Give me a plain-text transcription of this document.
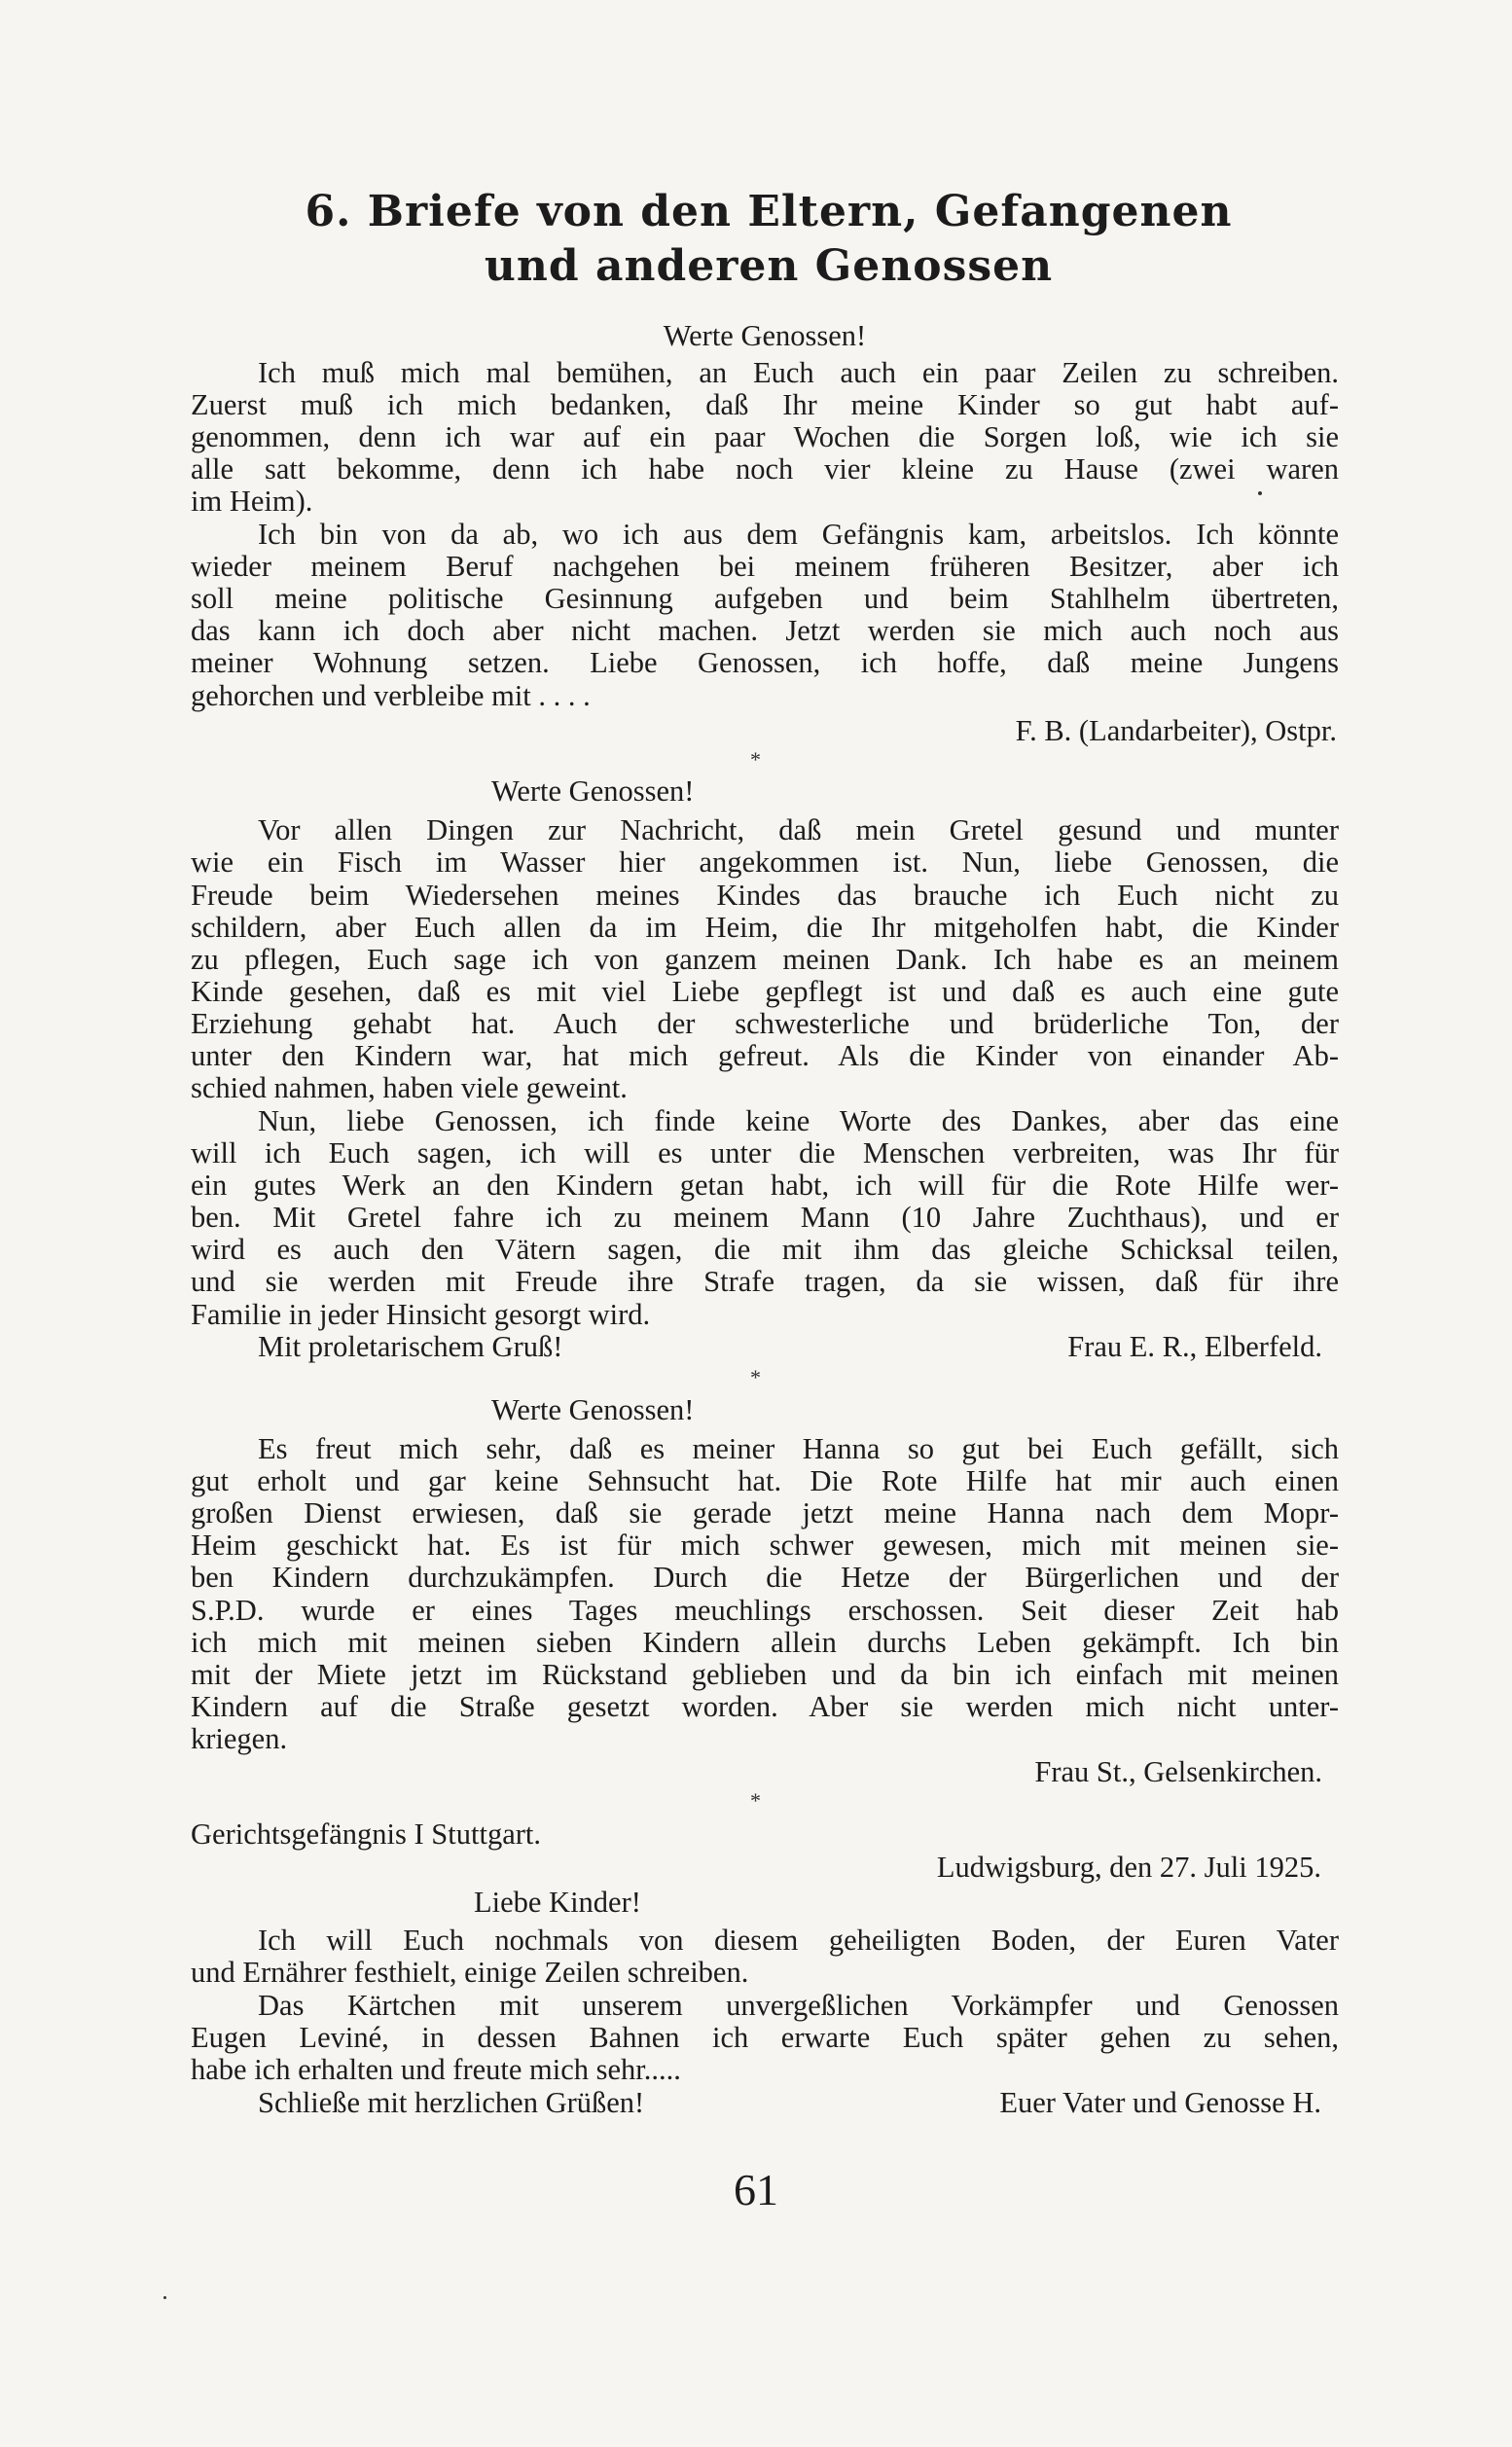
6. Briefe von den Eltern, Gefangenen
und anderen Genossen
Werte Genossen!
Ich muß mich mal bemühen, an Euch auch ein paar Zeilen zu schreiben.
Zuerst muß ich mich bedanken, daß Ihr meine Kinder so gut habt auf-
genommen, denn ich war auf ein paar Wochen die Sorgen loß, wie ich sie
alle satt bekomme, denn ich habe noch vier kleine zu Hause (zwei waren
im Heim).
Ich bin von da ab, wo ich aus dem Gefängnis kam, arbeitslos. Ich könnte
wieder meinem Beruf nachgehen bei meinem früheren Besitzer, aber ich
soll meine politische Gesinnung aufgeben und beim Stahlhelm übertreten,
das kann ich doch aber nicht machen. Jetzt werden sie mich auch noch aus
meiner Wohnung setzen. Liebe Genossen, ich hoffe, daß meine Jungens
gehorchen und verbleibe mit . . . .
F. B. (Landarbeiter), Ostpr.
*
Werte Genossen!
Vor allen Dingen zur Nachricht, daß mein Gretel gesund und munter
wie ein Fisch im Wasser hier angekommen ist. Nun, liebe Genossen, die
Freude beim Wiedersehen meines Kindes das brauche ich Euch nicht zu
schildern, aber Euch allen da im Heim, die Ihr mitgeholfen habt, die Kinder
zu pflegen, Euch sage ich von ganzem meinen Dank. Ich habe es an meinem
Kinde gesehen, daß es mit viel Liebe gepflegt ist und daß es auch eine gute
Erziehung gehabt hat. Auch der schwesterliche und brüderliche Ton, der
unter den Kindern war, hat mich gefreut. Als die Kinder von einander Ab-
schied nahmen, haben viele geweint.
Nun, liebe Genossen, ich finde keine Worte des Dankes, aber das eine
will ich Euch sagen, ich will es unter die Menschen verbreiten, was Ihr für
ein gutes Werk an den Kindern getan habt, ich will für die Rote Hilfe wer-
ben. Mit Gretel fahre ich zu meinem Mann (10 Jahre Zuchthaus), und er
wird es auch den Vätern sagen, die mit ihm das gleiche Schicksal teilen,
und sie werden mit Freude ihre Strafe tragen, da sie wissen, daß für ihre
Familie in jeder Hinsicht gesorgt wird.
Mit proletarischem Gruß!	Frau E. R., Elberfeld.
*
Werte Genossen!
Es freut mich sehr, daß es meiner Hanna so gut bei Euch gefällt, sich
gut erholt und gar keine Sehnsucht hat. Die Rote Hilfe hat mir auch einen
großen Dienst erwiesen, daß sie gerade jetzt meine Hanna nach dem Mopr-
Heim geschickt hat. Es ist für mich schwer gewesen, mich mit meinen sie-
ben Kindern durchzukämpfen. Durch die Hetze der Bürgerlichen und der
S.P.D. wurde er eines Tages meuchlings erschossen. Seit dieser Zeit hab
ich mich mit meinen sieben Kindern allein durchs Leben gekämpft. Ich bin
mit der Miete jetzt im Rückstand geblieben und da bin ich einfach mit meinen
Kindern auf die Straße gesetzt worden. Aber sie werden mich nicht unter-
kriegen.
Frau St., Gelsenkirchen.
*
Gerichtsgefängnis I Stuttgart.
Ludwigsburg, den 27. Juli 1925.
Liebe Kinder!
Ich will Euch nochmals von diesem geheiligten Boden, der Euren Vater
und Ernährer festhielt, einige Zeilen schreiben.
Das Kärtchen mit unserem unvergeßlichen Vorkämpfer und Genossen
Eugen Leviné, in dessen Bahnen ich erwarte Euch später gehen zu sehen,
habe ich erhalten und freute mich sehr.....
Schließe mit herzlichen Grüßen!	Euer Vater und Genosse H.
61
